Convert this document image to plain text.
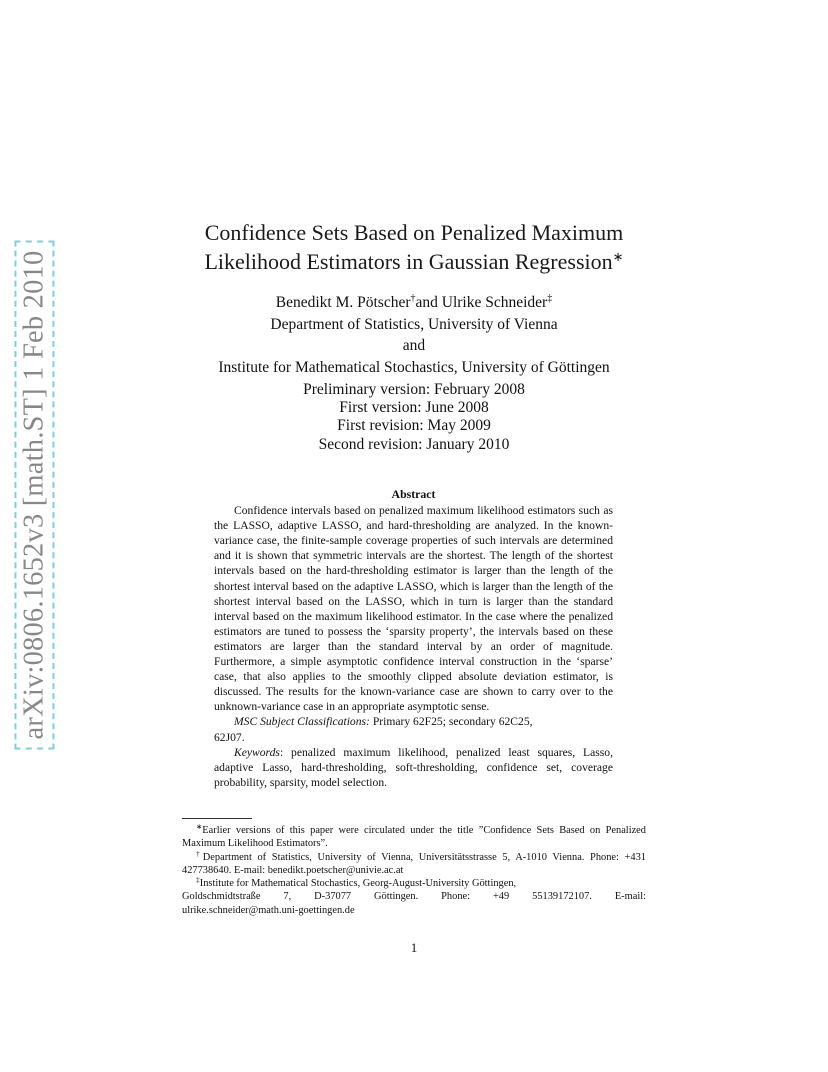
arXiv:0806.1652v3 [math.ST] 1 Feb 2010
Confidence Sets Based on Penalized Maximum
Likelihood Estimators in Gaussian Regression∗
Benedikt M. Pötscher†and Ulrike Schneider‡
Department of Statistics, University of Vienna
and
Institute for Mathematical Stochastics, University of Göttingen
Preliminary version: February 2008
First version: June 2008
First revision: May 2009
Second revision: January 2010
Abstract

Confidence intervals based on penalized maximum likelihood estimators such as the LASSO, adaptive LASSO, and hard-thresholding are analyzed. In the known-variance case, the finite-sample coverage properties of such intervals are determined and it is shown that symmetric intervals are the shortest. The length of the shortest intervals based on the hard-thresholding estimator is larger than the length of the shortest interval based on the adaptive LASSO, which is larger than the length of the shortest interval based on the LASSO, which in turn is larger than the standard interval based on the maximum likelihood estimator. In the case where the penalized estimators are tuned to possess the ‘sparsity property’, the intervals based on these estimators are larger than the standard interval by an order of magnitude. Furthermore, a simple asymptotic confidence interval construction in the ‘sparse’ case, that also applies to the smoothly clipped absolute deviation estimator, is discussed. The results for the known-variance case are shown to carry over to the unknown-variance case in an appropriate asymptotic sense.

MSC Subject Classifications: Primary 62F25; secondary 62C25,
62J07.

Keywords: penalized maximum likelihood, penalized least squares, Lasso, adaptive Lasso, hard-thresholding, soft-thresholding, confidence set, coverage probability, sparsity, model selection.

∗Earlier versions of this paper were circulated under the title ”Confidence Sets Based on Penalized Maximum Likelihood Estimators”.

†Department of Statistics, University of Vienna, Universitätsstrasse 5, A-1010 Vienna. Phone: +431 427738640. E-mail: benedikt.poetscher@univie.ac.at

‡Institute for Mathematical Stochastics, Georg-August-University Göttingen,
Goldschmidtstraße 7, D-37077 Göttingen. Phone: +49 55139172107. E-mail:
ulrike.schneider@math.uni-goettingen.de

1
